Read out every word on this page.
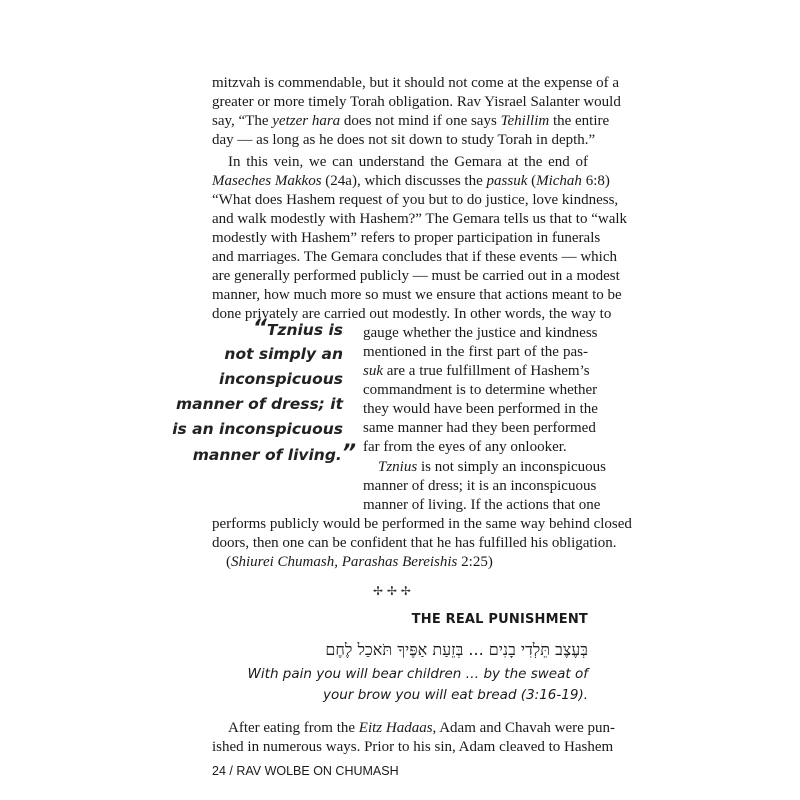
mitzvah is commendable, but it should not come at the expense of a
greater or more timely Torah obligation. Rav Yisrael Salanter would
say, “The yetzer hara does not mind if one says Tehillim the entire
day — as long as he does not sit down to study Torah in depth.”
In this vein, we can understand the Gemara at the end of
Maseches Makkos (24a), which discusses the passuk (Michah 6:8)
“What does Hashem request of you but to do justice, love kindness,
and walk modestly with Hashem?” The Gemara tells us that to “walk
modestly with Hashem” refers to proper participation in funerals
and marriages. The Gemara concludes that if these events — which
are generally performed publicly — must be carried out in a modest
manner, how much more so must we ensure that actions meant to be
done privately are carried out modestly. In other words, the way to
gauge whether the justice and kindness
mentioned in the first part of the pas-
suk are a true fulfillment of Hashem’s
commandment is to determine whether
they would have been performed in the
same manner had they been performed
far from the eyes of any onlooker.
“Tznius is
not simply an
inconspicuous
manner of dress; it
is an inconspicuous
manner of living.”
Tznius is not simply an inconspicuous
manner of dress; it is an inconspicuous
manner of living. If the actions that one
performs publicly would be performed in the same way behind closed
doors, then one can be confident that he has fulfilled his obligation.
(Shiurei Chumash, Parashas Bereishis 2:25)
✢ ✢ ✢
THE REAL PUNISHMENT
בְּעֶצֶב תֵּלְדִי בָנִים ... בְּזֵעַת אַפֶּיךָ תֹּאכַל לֶחֶם
With pain you will bear children … by the sweat of
your brow you will eat bread (3:16-19).
After eating from the Eitz Hadaas, Adam and Chavah were pun-
ished in numerous ways. Prior to his sin, Adam cleaved to Hashem
24 / RAV WOLBE ON CHUMASH
